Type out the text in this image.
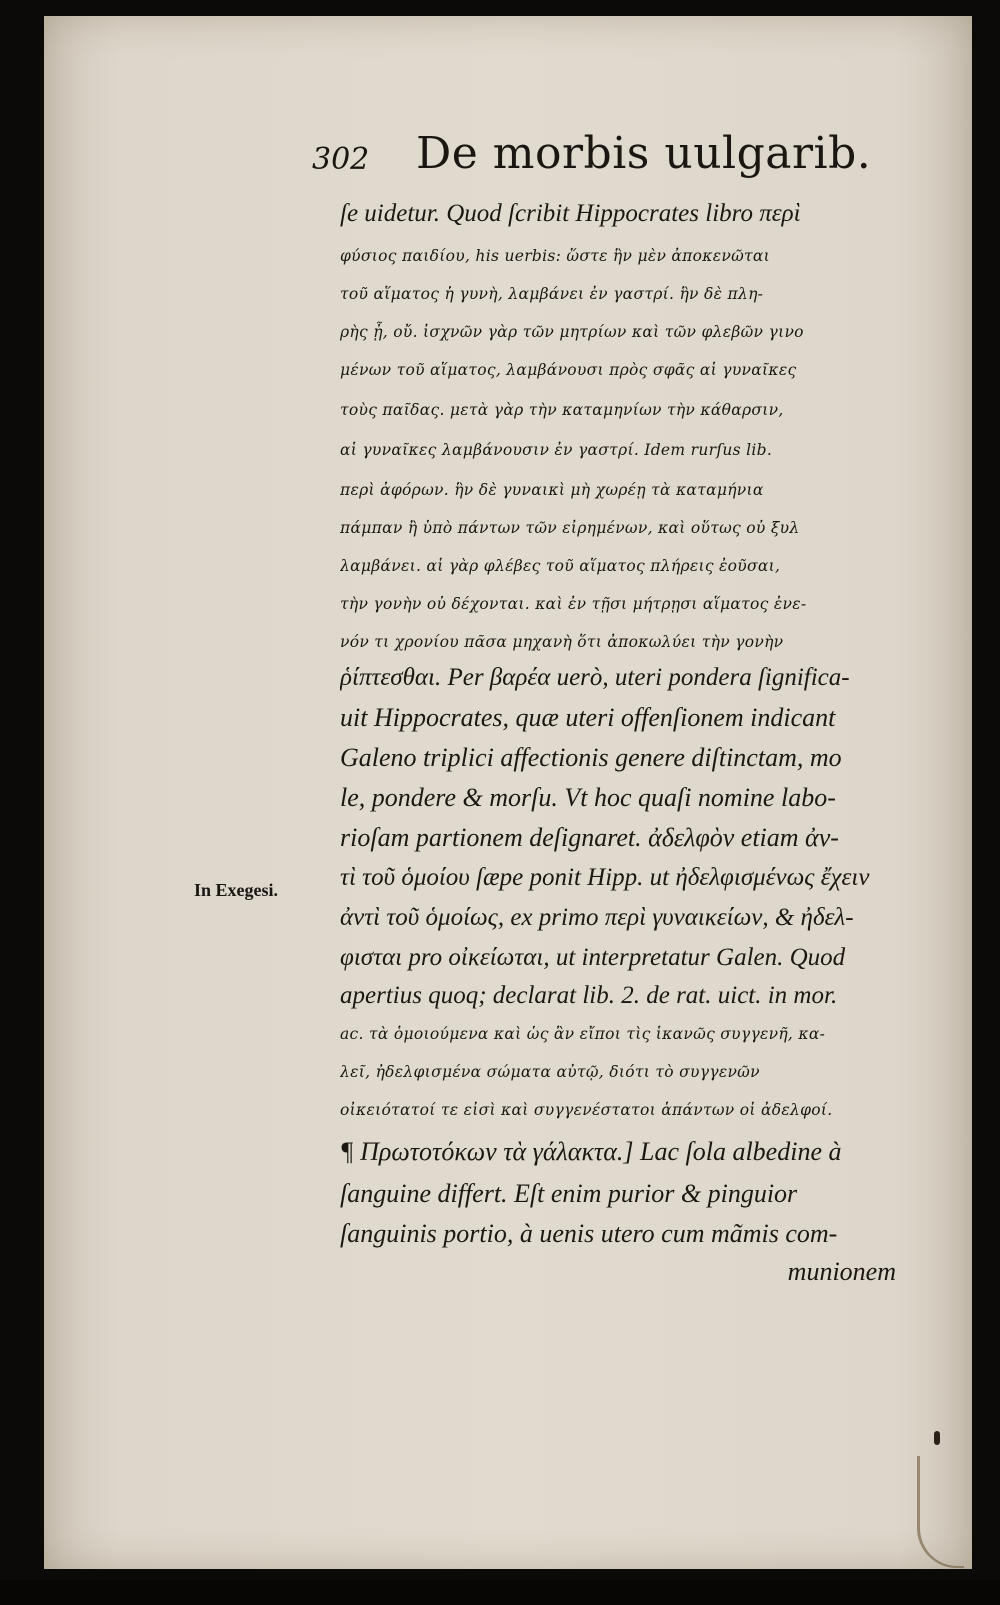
302 De morbis uulgarib.
In Exegesi.
ſe uidetur. Quod ſcribit Hippocrates libro περὶ
φύσιος παιδίου, his uerbis: ὥστε ἣν μὲν ἀποκενῶται
τοῦ αἵματος ἡ γυνὴ, λαμβάνει ἐν γαστρί. ἣν δὲ πλη-
ρὴς ᾖ, οὔ. ἰσχνῶν γὰρ τῶν μητρίων καὶ τῶν φλεβῶν γινο
μένων τοῦ αἵματος, λαμβάνουσι πρὸς σφᾶς αἱ γυναῖκες
τοὺς παῖδας. μετὰ γὰρ τὴν καταμηνίων τὴν κάθαρσιν,
αἱ γυναῖκες λαμβάνουσιν ἐν γαστρί. Idem rurſus lib.
περὶ ἀφόρων. ἣν δὲ γυναικὶ μὴ χωρέῃ τὰ καταμήνια
πάμπαν ἢ ὑπὸ πάντων τῶν εἰρημένων, καὶ οὕτως οὐ ξυλ
λαμβάνει. αἱ γὰρ φλέβες τοῦ αἵματος πλήρεις ἐοῦσαι,
τὴν γονὴν οὐ δέχονται. καὶ ἐν τῇσι μήτρῃσι αἵματος ἐνε-
νόν τι χρονίου πᾶσα μηχανὴ ὅτι ἀποκωλύει τὴν γονὴν
ῥίπτεσθαι. Per βαρέα uerò, uteri pondera ſignifica-
uit Hippocrates, quæ uteri offenſionem indicant
Galeno triplici affectionis genere diſtinctam, mo
le, pondere & morſu. Vt hoc quaſi nomine labo-
rioſam partionem deſignaret. ἀδελφὸν etiam ἀν-
τὶ τοῦ ὁμοίου ſæpe ponit Hipp. ut ἠδελφισμένως ἔχειν
ἀντὶ τοῦ ὁμοίως, ex primo περὶ γυναικείων, & ἠδελ-
φισται pro οἰκείωται, ut interpretatur Galen. Quod
apertius quoq; declarat lib. 2. de rat. uict. in mor.
ac. τὰ ὁμοιούμενα καὶ ὡς ἂν εἴποι τὶς ἱκανῶς συγγενῆ, κα-
λεῖ, ἠδελφισμένα σώματα αὐτῷ, διότι τὸ συγγενῶν
οἰκειότατοί τε εἰσὶ καὶ συγγενέστατοι ἁπάντων οἱ ἀδελφοί.
¶ Πρωτοτόκων τὰ γάλακτα.] Lac ſola albedine à
ſanguine differt. Eſt enim purior & pinguior
ſanguinis portio, à uenis utero cum mãmis com-
munionem
